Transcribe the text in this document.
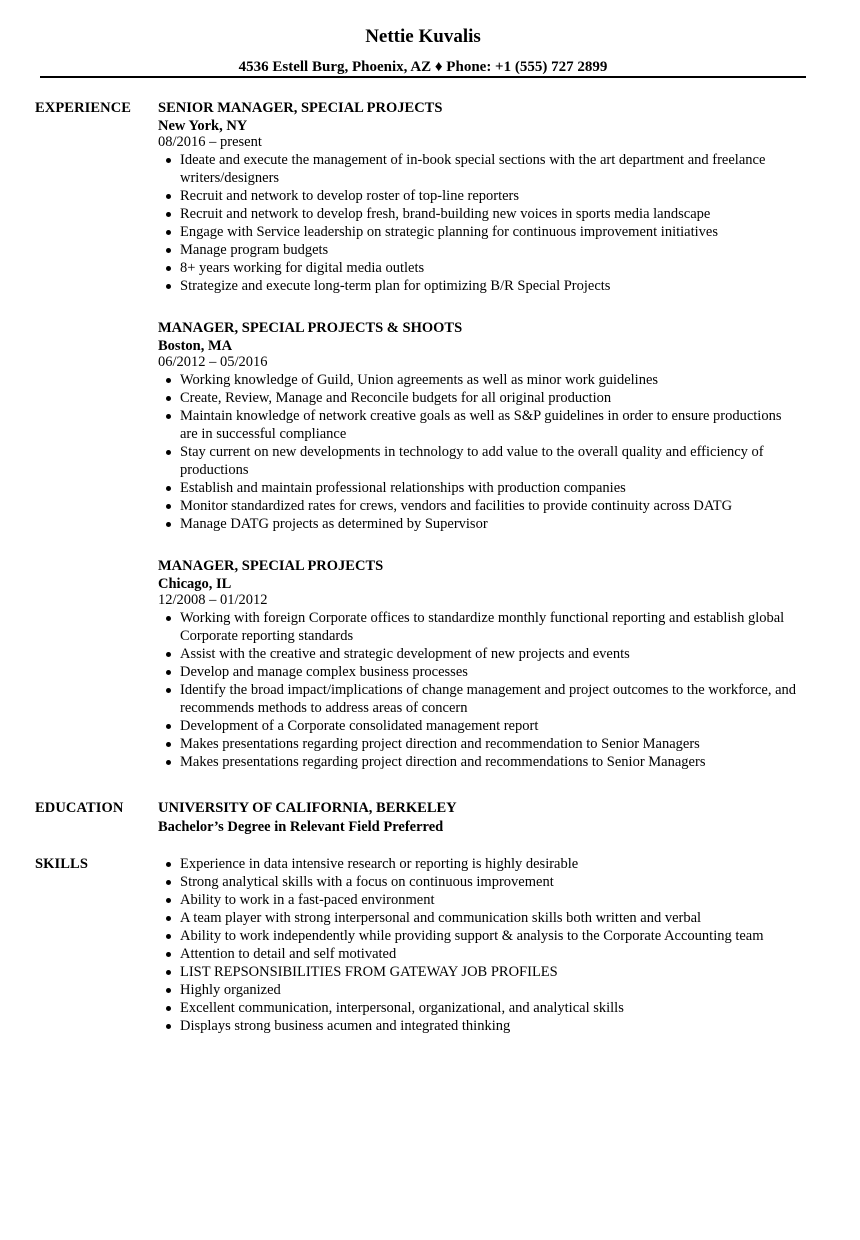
Nettie Kuvalis
4536 Estell Burg, Phoenix, AZ ♦ Phone: +1 (555) 727 2899
EXPERIENCE SENIOR MANAGER, SPECIAL PROJECTS
New York, NY
08/2016 – present
Ideate and execute the management of in-book special sections with the art department and freelance writers/designers
Recruit and network to develop roster of top-line reporters
Recruit and network to develop fresh, brand-building new voices in sports media landscape
Engage with Service leadership on strategic planning for continuous improvement initiatives
Manage program budgets
8+ years working for digital media outlets
Strategize and execute long-term plan for optimizing B/R Special Projects
MANAGER, SPECIAL PROJECTS & SHOOTS
Boston, MA
06/2012 – 05/2016
Working knowledge of Guild, Union agreements as well as minor work guidelines
Create, Review, Manage and Reconcile budgets for all original production
Maintain knowledge of network creative goals as well as S&P guidelines in order to ensure productions are in successful compliance
Stay current on new developments in technology to add value to the overall quality and efficiency of productions
Establish and maintain professional relationships with production companies
Monitor standardized rates for crews, vendors and facilities to provide continuity across DATG
Manage DATG projects as determined by Supervisor
MANAGER, SPECIAL PROJECTS
Chicago, IL
12/2008 – 01/2012
Working with foreign Corporate offices to standardize monthly functional reporting and establish global Corporate reporting standards
Assist with the creative and strategic development of new projects and events
Develop and manage complex business processes
Identify the broad impact/implications of change management and project outcomes to the workforce, and recommends methods to address areas of concern
Development of a Corporate consolidated management report
Makes presentations regarding project direction and recommendation to Senior Managers
Makes presentations regarding project direction and recommendations to Senior Managers
EDUCATION UNIVERSITY OF CALIFORNIA, BERKELEY
Bachelor’s Degree in Relevant Field Preferred
SKILLS	Experience in data intensive research or reporting is highly desirable
Strong analytical skills with a focus on continuous improvement
Ability to work in a fast-paced environment
A team player with strong interpersonal and communication skills both written and verbal
Ability to work independently while providing support & analysis to the Corporate Accounting team
Attention to detail and self motivated
LIST REPSONSIBILITIES FROM GATEWAY JOB PROFILES
Highly organized
Excellent communication, interpersonal, organizational, and analytical skills
Displays strong business acumen and integrated thinking
